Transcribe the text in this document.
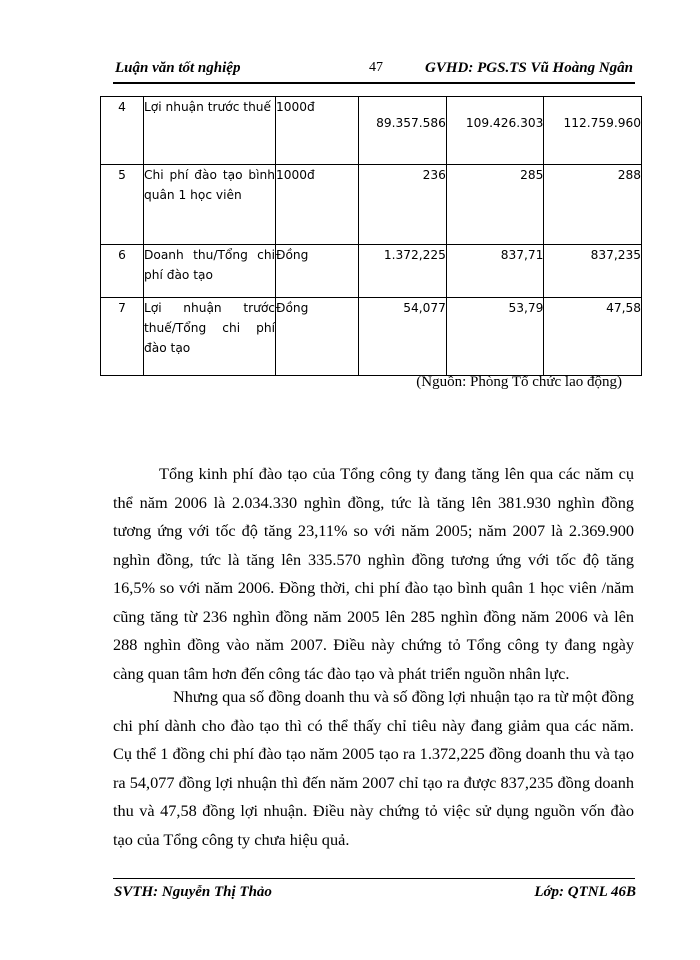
Luận văn tốt nghiệp	47	GVHD: PGS.TS Vũ Hoàng Ngân
4	Lợi nhuận trước thuế	1000đ	89.357.586	109.426.303	112.759.960
5	Chi phí đào tạo bình quân 1 học viên	1000đ	236	285	288
6	Doanh thu/Tổng chi phí đào tạo	Đồng	1.372,225	837,71	837,235
7	Lợi nhuận trước thuế/Tổng chi phí đào tạo	Đồng	54,077	53,79	47,58
(Nguồn: Phòng Tổ chức lao động)

Tổng kinh phí đào tạo của Tổng công ty đang tăng lên qua các năm cụ thể năm 2006 là 2.034.330 nghìn đồng, tức là tăng lên 381.930 nghìn đồng tương ứng với tốc độ tăng 23,11% so với năm 2005; năm 2007 là 2.369.900 nghìn đồng, tức là tăng lên 335.570 nghìn đồng tương ứng với tốc độ tăng 16,5% so với năm 2006. Đồng thời, chi phí đào tạo bình quân 1 học viên /năm cũng tăng từ 236 nghìn đồng năm 2005 lên 285 nghìn đồng năm 2006 và lên 288 nghìn đồng vào năm 2007. Điều này chứng tỏ Tổng công ty đang ngày càng quan tâm hơn đến công tác đào tạo và phát triển nguồn nhân lực.

Nhưng qua số đồng doanh thu và số đồng lợi nhuận tạo ra từ một đồng chi phí dành cho đào tạo thì có thể thấy chỉ tiêu này đang giảm qua các năm. Cụ thể 1 đồng chi phí đào tạo năm 2005 tạo ra 1.372,225 đồng doanh thu và tạo ra 54,077 đồng lợi nhuận thì đến năm 2007 chỉ tạo ra được 837,235 đồng doanh thu và 47,58 đồng lợi nhuận. Điều này chứng tỏ việc sử dụng nguồn vốn đào tạo của Tổng công ty chưa hiệu quả.

SVTH: Nguyễn Thị Thảo	Lớp: QTNL 46B
